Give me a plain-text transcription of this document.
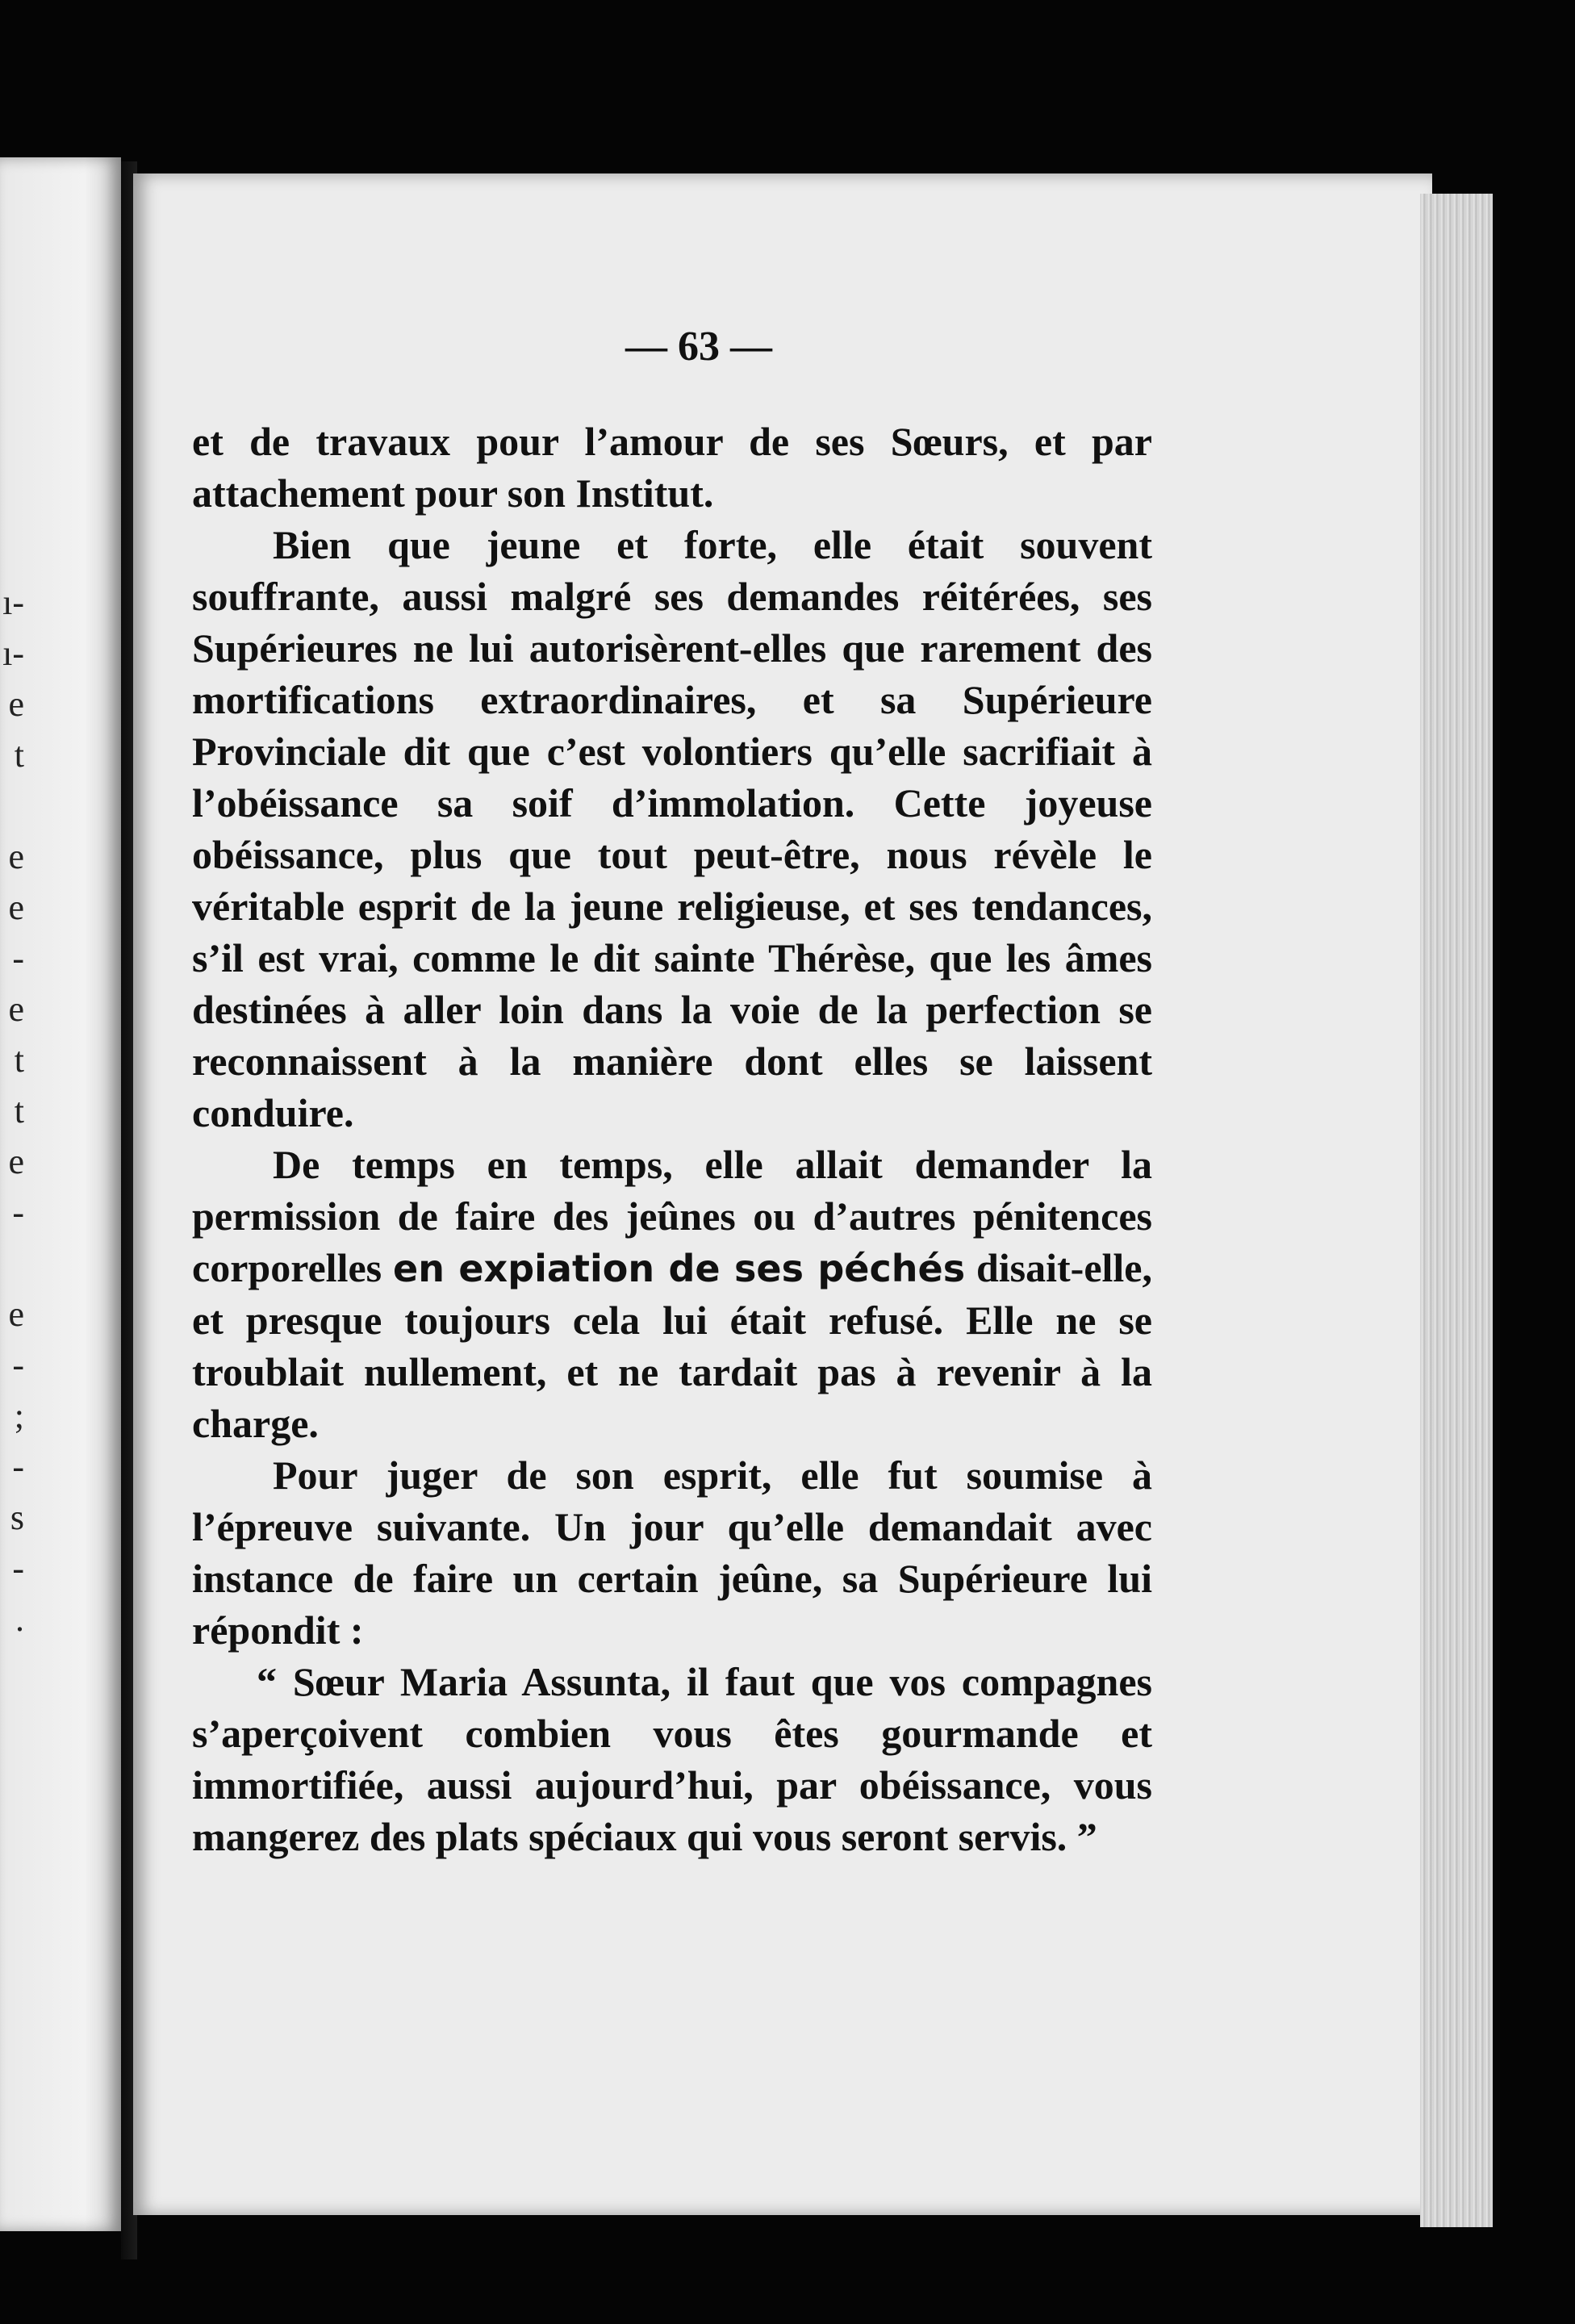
ı-
ı-
e
t
e
e
-
e
t
t
e
-
e
-
;
-
s
-
.
— 63 —

et de travaux pour l’amour de ses Sœurs, et par attachement pour son Institut.

Bien que jeune et forte, elle était souvent souffrante, aussi malgré ses demandes réitérées, ses Supérieures ne lui autorisèrent-elles que rarement des mortifications extraordinaires, et sa Supérieure Provinciale dit que c’est volontiers qu’elle sacrifiait à l’obéissance sa soif d’immolation. Cette joyeuse obéissance, plus que tout peut-être, nous révèle le véritable esprit de la jeune religieuse, et ses tendances, s’il est vrai, comme le dit sainte Thérèse, que les âmes destinées à aller loin dans la voie de la perfection se reconnaissent à la manière dont elles se laissent conduire.

De temps en temps, elle allait demander la permission de faire des jeûnes ou d’autres pénitences corporelles en expiation de ses péchés disait-elle, et presque toujours cela lui était refusé. Elle ne se troublait nullement, et ne tardait pas à revenir à la charge.

Pour juger de son esprit, elle fut soumise à l’épreuve suivante. Un jour qu’elle demandait avec instance de faire un certain jeûne, sa Supérieure lui répondit :

“ Sœur Maria Assunta, il faut que vos compagnes s’aperçoivent combien vous êtes gourmande et immortifiée, aussi aujourd’hui, par obéissance, vous mangerez des plats spéciaux qui vous seront servis. ”
